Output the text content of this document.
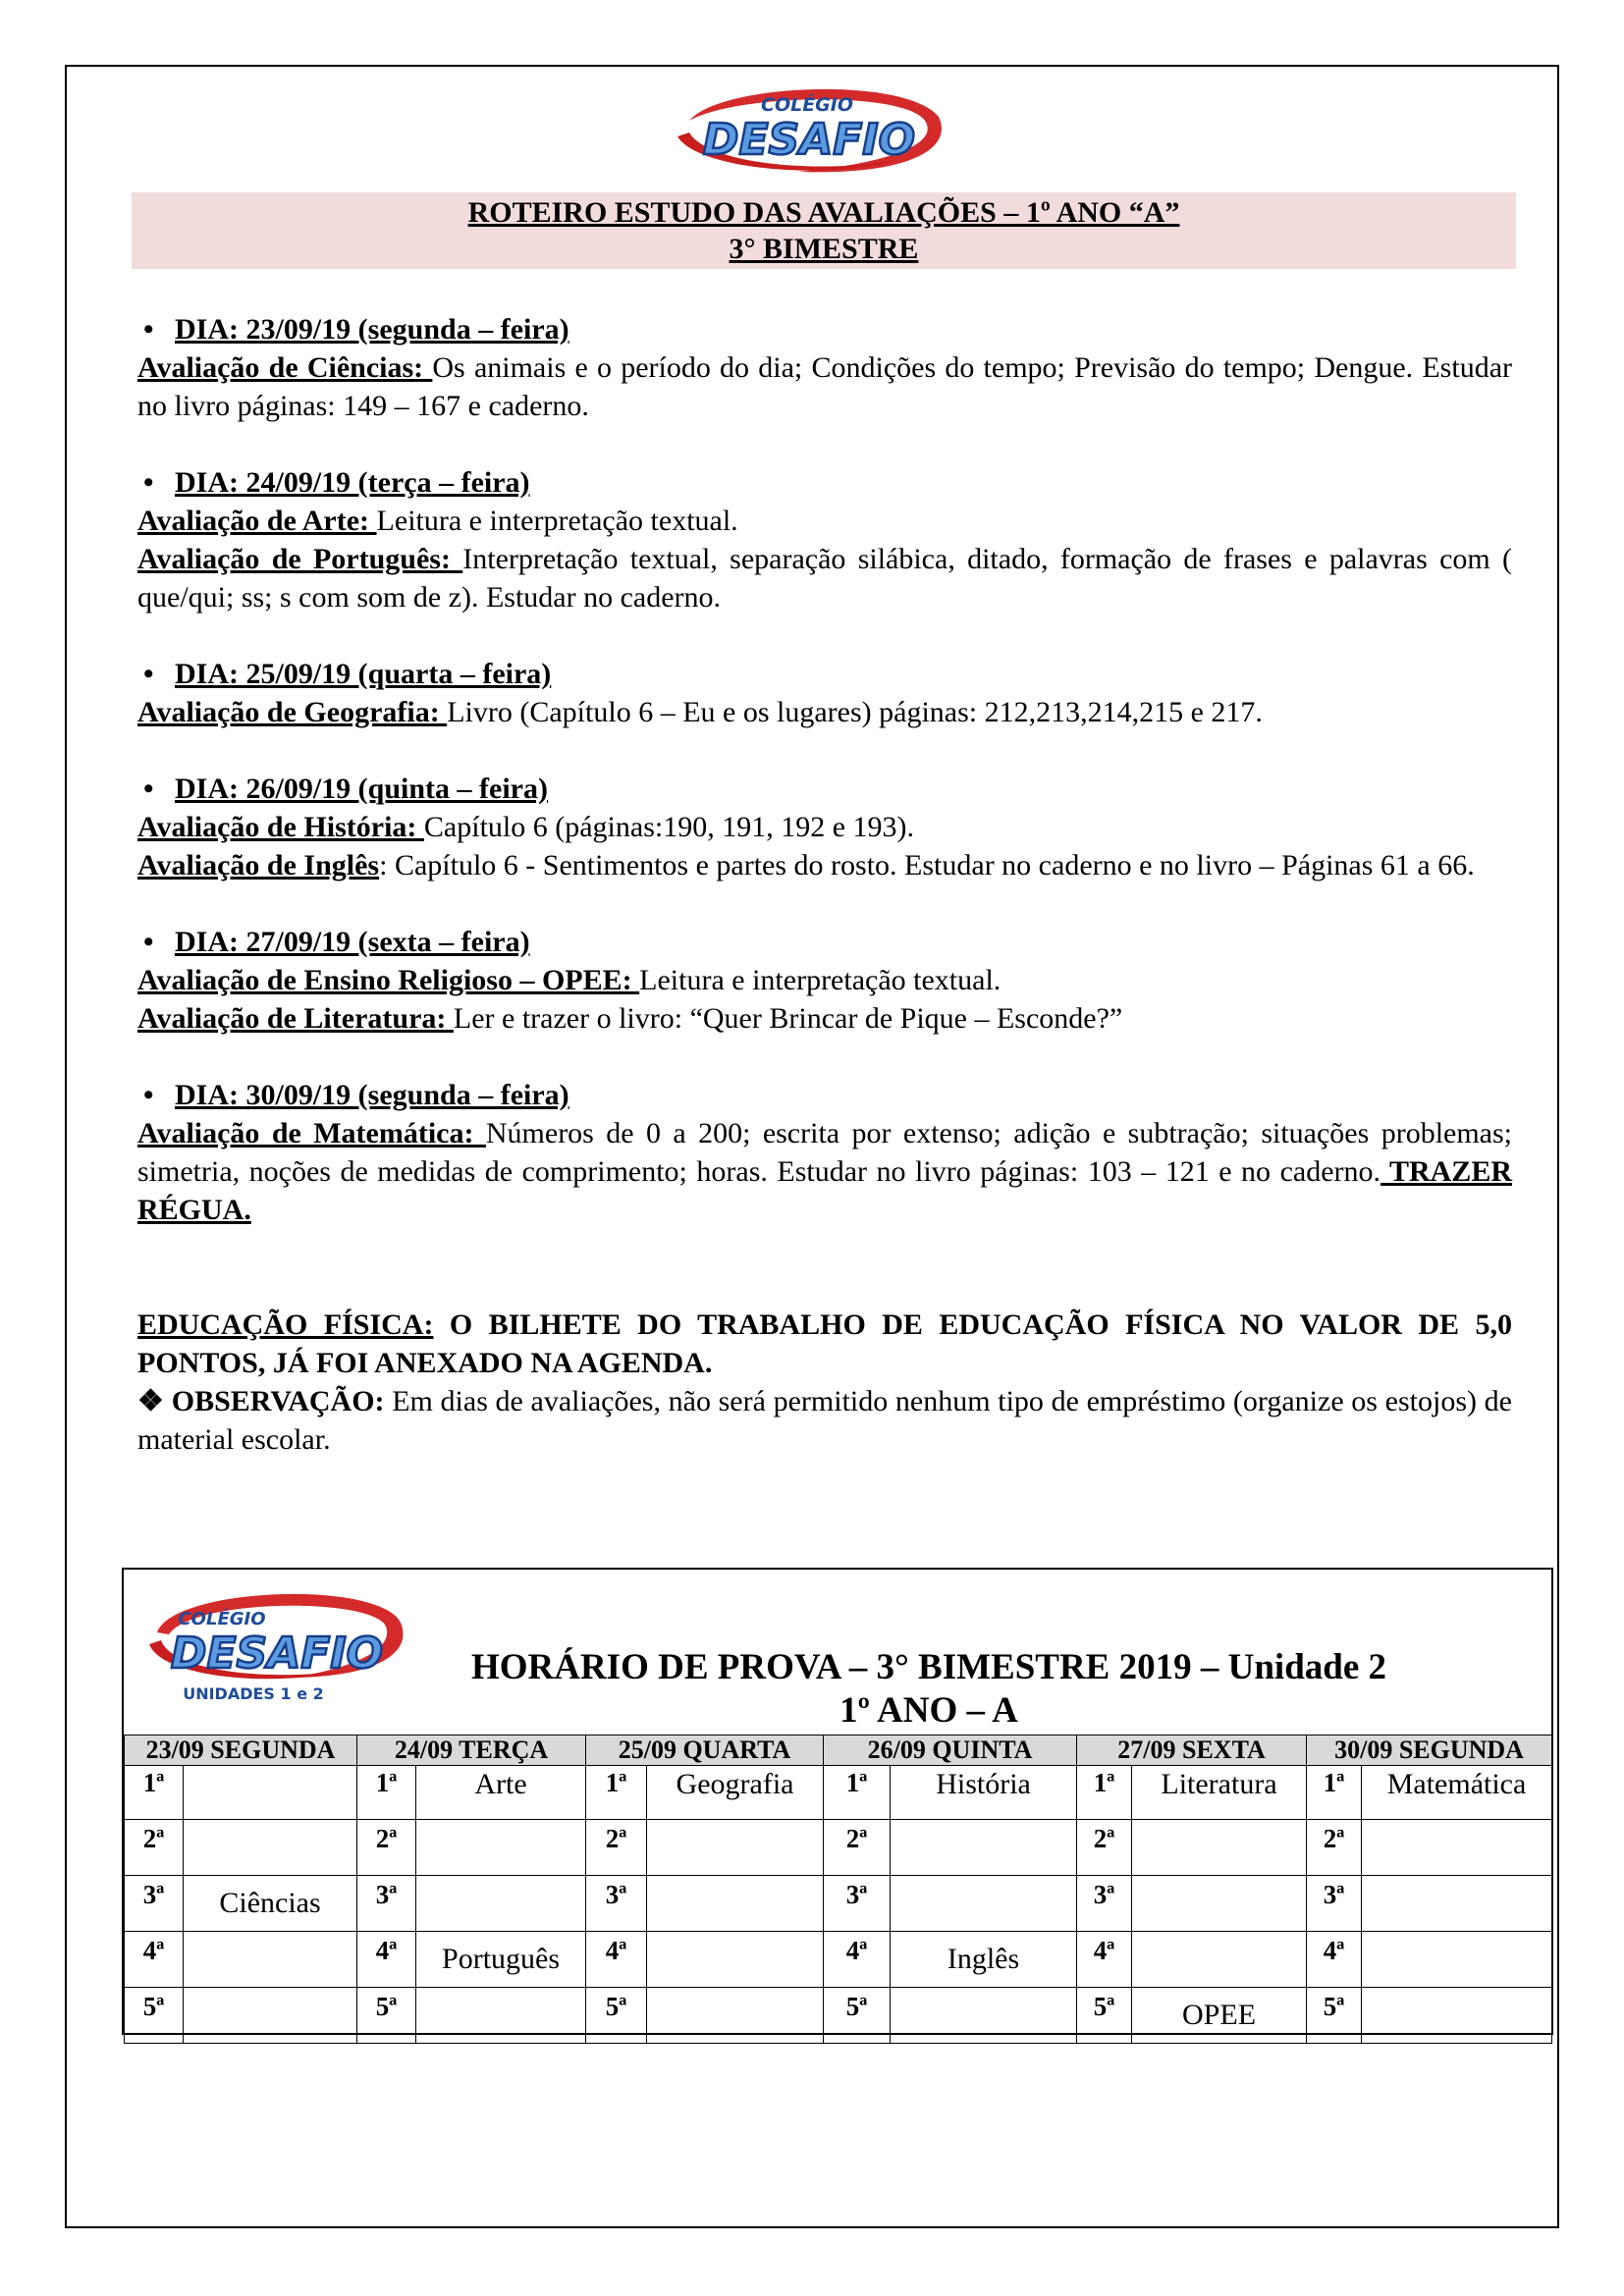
COLÉGIO
DESAFIO
ROTEIRO ESTUDO DAS AVALIAÇÕES – 1º ANO “A”
3° BIMESTRE
• DIA: 23/09/19 (segunda – feira)
Avaliação de Ciências: Os animais e o período do dia; Condições do tempo; Previsão do tempo; Dengue. Estudar no livro páginas: 149 – 167 e caderno.
• DIA: 24/09/19 (terça – feira)
Avaliação de Arte: Leitura e interpretação textual.
Avaliação de Português: Interpretação textual, separação silábica, ditado, formação de frases e palavras com ( que/qui; ss; s com som de z). Estudar no caderno.
• DIA: 25/09/19 (quarta – feira)
Avaliação de Geografia: Livro (Capítulo 6 – Eu e os lugares) páginas: 212,213,214,215 e 217.
• DIA: 26/09/19 (quinta – feira)
Avaliação de História: Capítulo 6 (páginas:190, 191, 192 e 193).
Avaliação de Inglês: Capítulo 6 - Sentimentos e partes do rosto. Estudar no caderno e no livro – Páginas 61 a 66.
• DIA: 27/09/19 (sexta – feira)
Avaliação de Ensino Religioso – OPEE: Leitura e interpretação textual.
Avaliação de Literatura: Ler e trazer o livro: “Quer Brincar de Pique – Esconde?”
• DIA: 30/09/19 (segunda – feira)
Avaliação de Matemática: Números de 0 a 200; escrita por extenso; adição e subtração; situações problemas; simetria, noções de medidas de comprimento; horas. Estudar no livro páginas: 103 – 121 e no caderno. TRAZER RÉGUA.
EDUCAÇÃO FÍSICA: O BILHETE DO TRABALHO DE EDUCAÇÃO FÍSICA NO VALOR DE 5,0 PONTOS, JÁ FOI ANEXADO NA AGENDA.
❖ OBSERVAÇÃO: Em dias de avaliações, não será permitido nenhum tipo de empréstimo (organize os estojos) de material escolar.
COLÉGIO
DESAFIO
UNIDADES 1 e 2
HORÁRIO DE PROVA – 3° BIMESTRE 2019 – Unidade 2
1º ANO – A
23/09 SEGUNDA		24/09 TERÇA		25/09 QUARTA		26/09 QUINTA		27/09 SEXTA		30/09 SEGUNDA	
1ª		1ª	Arte	1ª	Geografia	1ª	História	1ª	Literatura	1ª	Matemática
2ª		2ª		2ª		2ª		2ª		2ª	
3ª	Ciências	3ª		3ª		3ª		3ª		3ª	
4ª		4ª	Português	4ª		4ª	Inglês	4ª		4ª	
5ª		5ª		5ª		5ª		5ª	OPEE	5ª	
